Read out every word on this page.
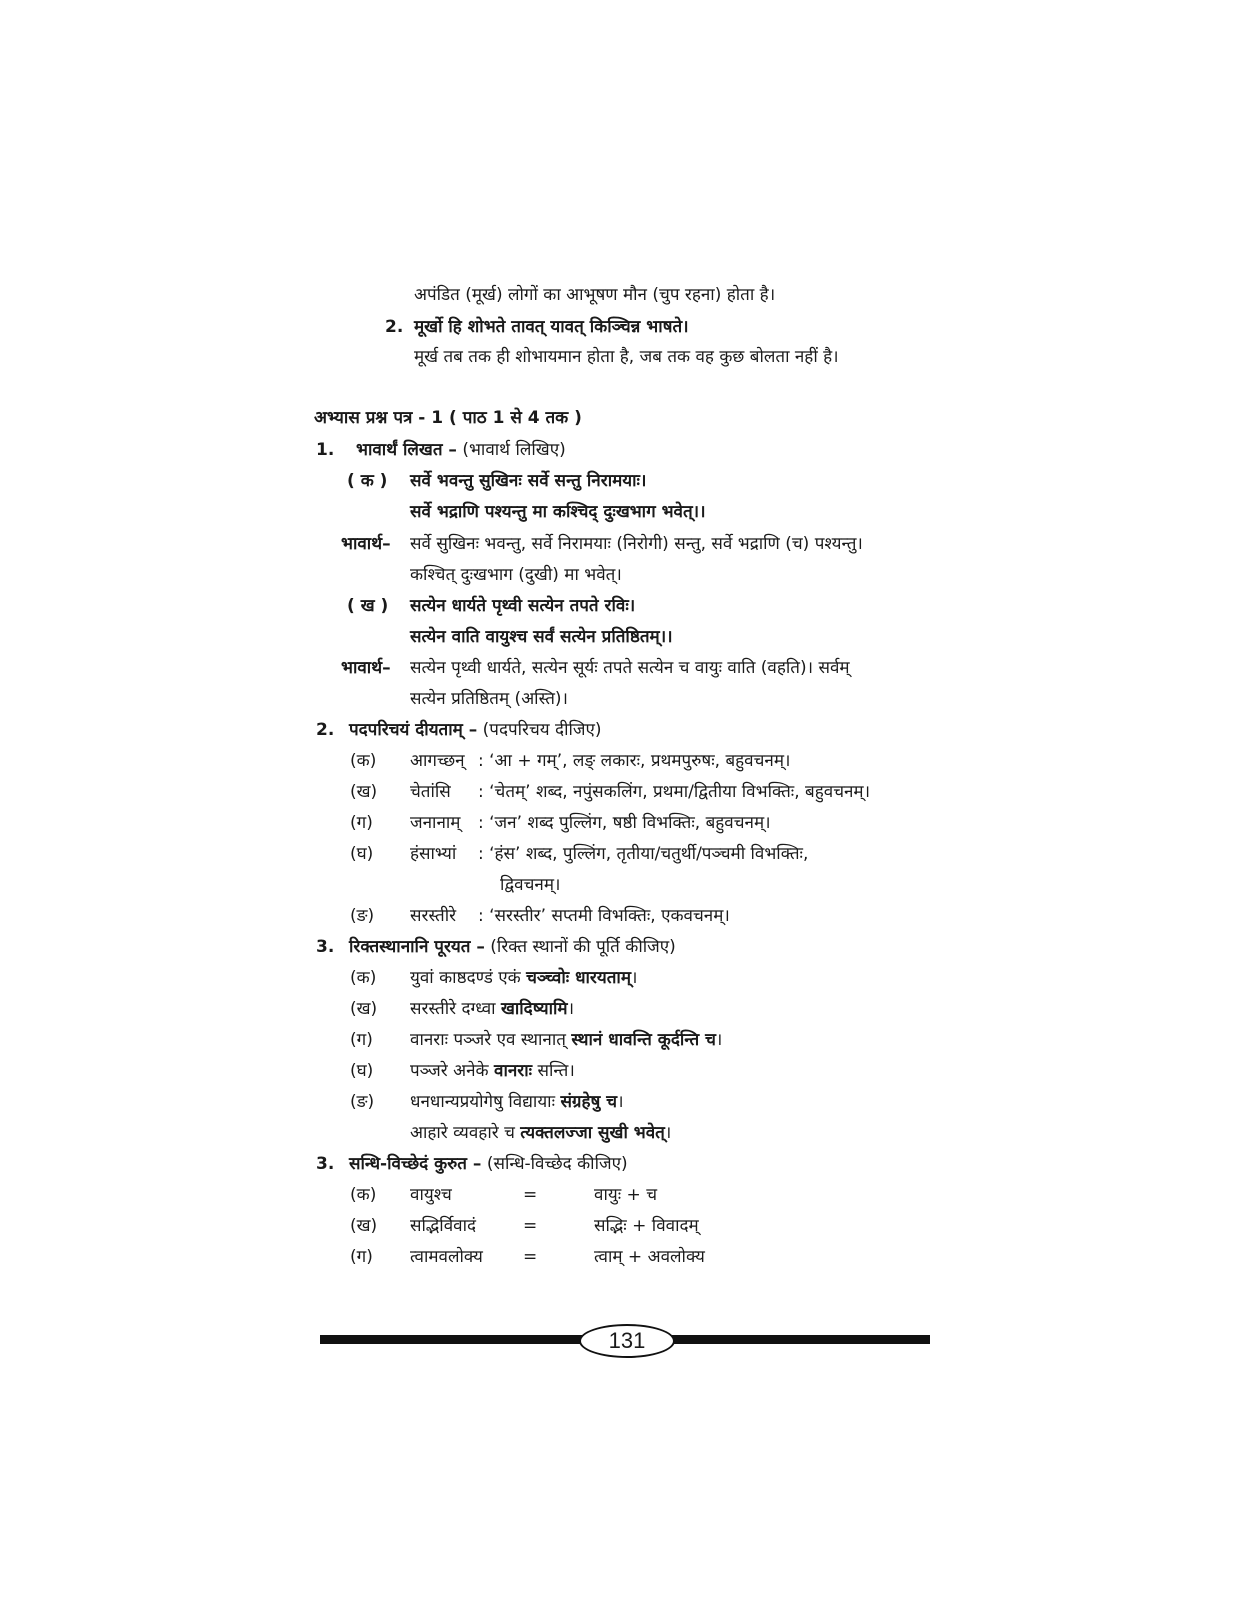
अपंडित (मूर्ख) लोगों का आभूषण मौन (चुप रहना) होता है।
2. मूर्खो हि शोभते तावत् यावत् किञ्चिन्न भाषते।
मूर्ख तब तक ही शोभायमान होता है, जब तक वह कुछ बोलता नहीं है।
अभ्यास प्रश्न पत्र - 1 ( पाठ 1 से 4 तक )
1. भावार्थं लिखत – (भावार्थ लिखिए)
( क ) सर्वे भवन्तु सुखिनः सर्वे सन्तु निरामयाः।
सर्वे भद्राणि पश्यन्तु मा कश्चिद् दुःखभाग भवेत्।।
भावार्थ– सर्वे सुखिनः भवन्तु, सर्वे निरामयाः (निरोगी) सन्तु, सर्वे भद्राणि (च) पश्यन्तु।
कश्चित् दुःखभाग (दुखी) मा भवेत्।
( ख ) सत्येन धार्यते पृथ्वी सत्येन तपते रविः।
सत्येन वाति वायुश्च सर्वं सत्येन प्रतिष्ठितम्।।
भावार्थ– सत्येन पृथ्वी धार्यते, सत्येन सूर्यः तपते सत्येन च वायुः वाति (वहति)। सर्वम्
सत्येन प्रतिष्ठितम् (अस्ति)।
2. पदपरिचयं दीयताम् – (पदपरिचय दीजिए)
(क) आगच्छन् : ‘आ + गम्’, लङ् लकारः, प्रथमपुरुषः, बहुवचनम्।
(ख) चेतांसि : ‘चेतम्’ शब्द, नपुंसकलिंग, प्रथमा/द्वितीया विभक्तिः, बहुवचनम्।
(ग) जनानाम् : ‘जन’ शब्द पुल्लिंग, षष्ठी विभक्तिः, बहुवचनम्।
(घ) हंसाभ्यां : ‘हंस’ शब्द, पुल्लिंग, तृतीया/चतुर्थी/पञ्चमी विभक्तिः,
द्विवचनम्।
(ङ) सरस्तीरे : ‘सरस्तीर’ सप्तमी विभक्तिः, एकवचनम्।
3. रिक्तस्थानानि पूरयत – (रिक्त स्थानों की पूर्ति कीजिए)
(क) युवां काष्ठदण्डं एकं चञ्च्वोः धारयताम्।
(ख) सरस्तीरे दग्ध्वा खादिष्यामि।
(ग) वानराः पञ्जरे एव स्थानात् स्थानं धावन्ति कूर्दन्ति च।
(घ) पञ्जरे अनेके वानराः सन्ति।
(ङ) धनधान्यप्रयोगेषु विद्यायाः संग्रहेषु च।
आहारे व्यवहारे च त्यक्तलज्जा सुखी भवेत्।
3. सन्धि-विच्छेदं कुरुत – (सन्धि-विच्छेद कीजिए)
(क) वायुश्च	=	वायुः + च
(ख) सद्भिर्विवादं	=	सद्भिः + विवादम्
(ग) त्वामवलोक्य =	त्वाम् + अवलोक्य
131
